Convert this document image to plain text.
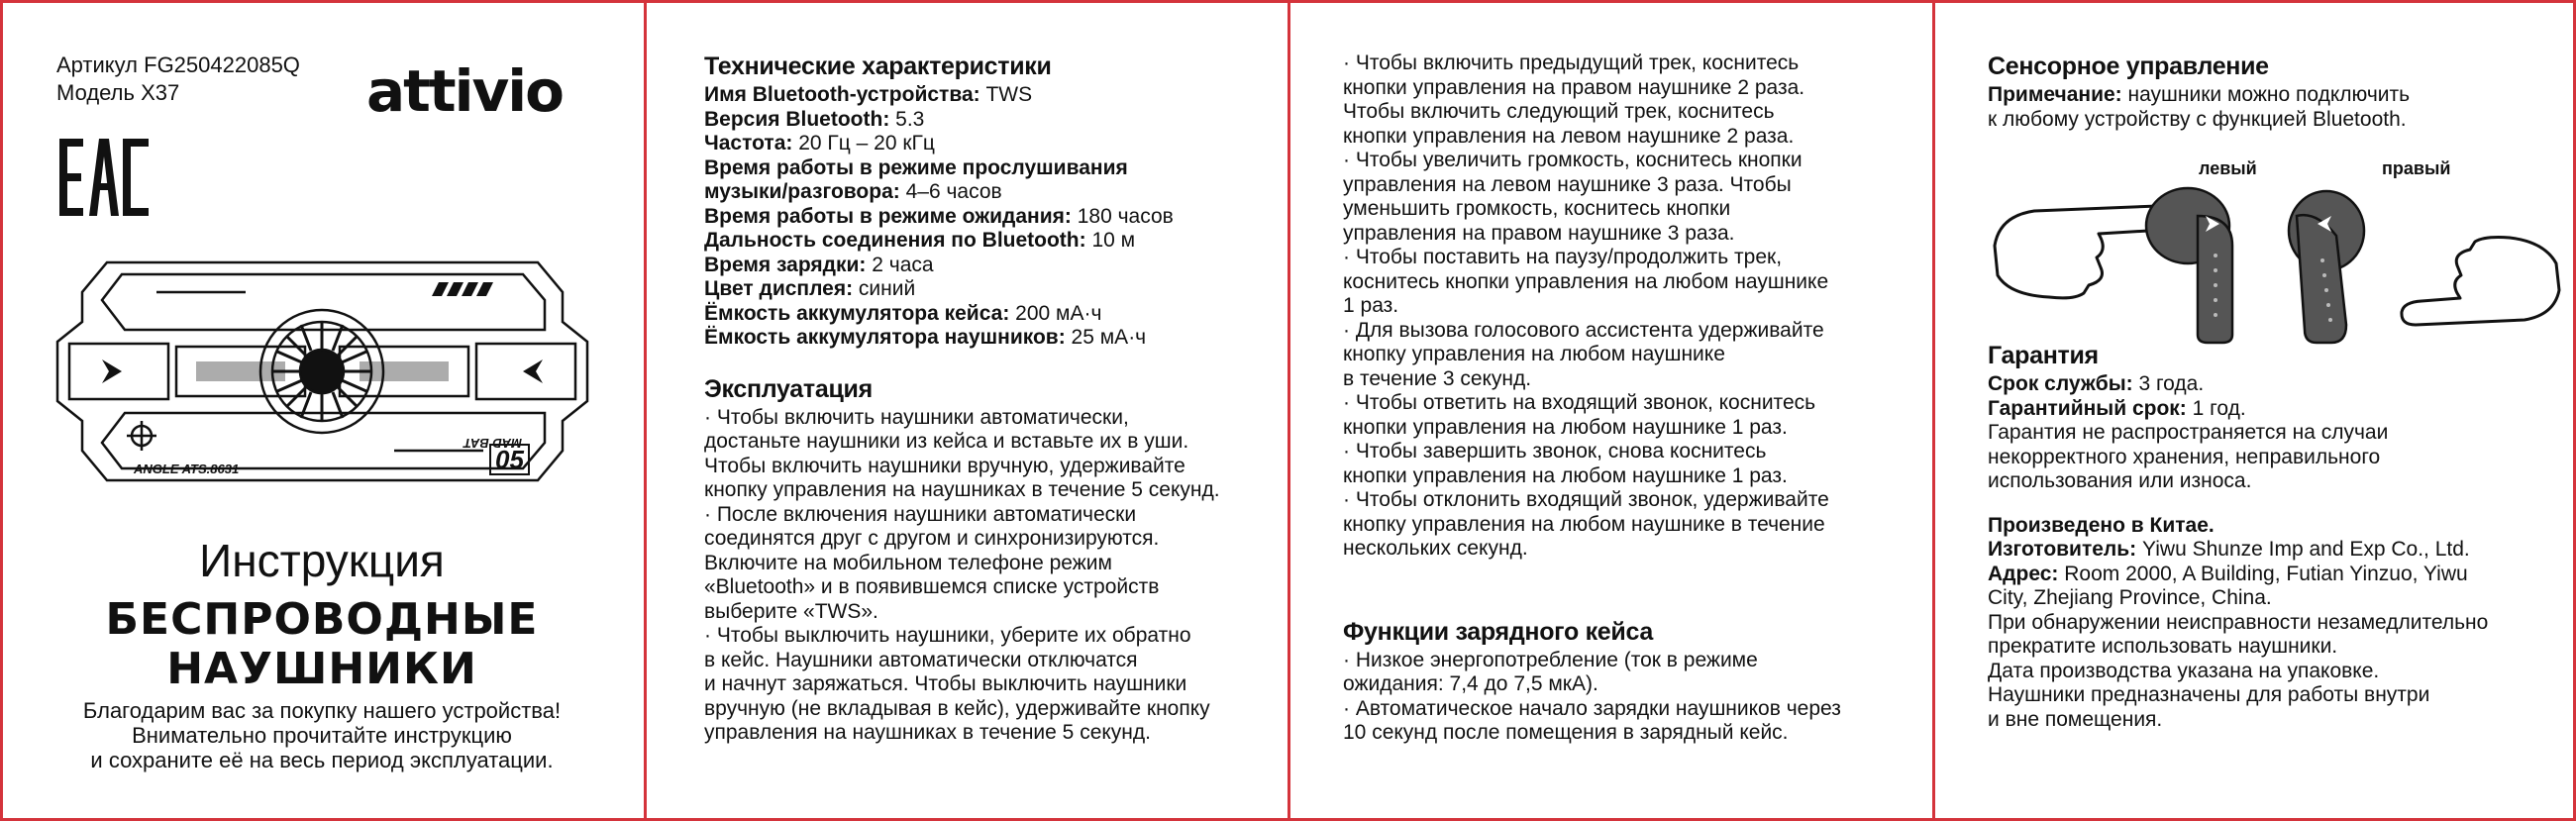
Артикул FG250422085Q
Модель X37	attivio
ANGLE ATS.8631
MAD BAT
05
Инструкция
БЕСПРОВОДНЫЕ
НАУШНИКИ
Благодарим вас за покупку нашего устройства!
Внимательно прочитайте инструкцию
и сохраните её на весь период эксплуатации.
Технические характеристики
Имя Bluetooth-устройства: TWS
Версия Bluetooth: 5.3
Частота: 20 Гц – 20 кГц
Время работы в режиме прослушивания
музыки/разговора: 4–6 часов
Время работы в режиме ожидания: 180 часов
Дальность соединения по Bluetooth: 10 м
Время зарядки: 2 часа
Цвет дисплея: синий
Ёмкость аккумулятора кейса: 200 мА·ч
Ёмкость аккумулятора наушников: 25 мА·ч
Эксплуатация
· Чтобы включить наушники автоматически,
достаньте наушники из кейса и вставьте их в уши.
Чтобы включить наушники вручную, удерживайте
кнопку управления на наушниках в течение 5 секунд.
· После включения наушники автоматически
соединятся друг с другом и синхронизируются.
Включите на мобильном телефоне режим
«Bluetooth» и в появившемся списке устройств
выберите «TWS».
· Чтобы выключить наушники, уберите их обратно
в кейс. Наушники автоматически отключатся
и начнут заряжаться. Чтобы выключить наушники
вручную (не вкладывая в кейс), удерживайте кнопку
управления на наушниках в течение 5 секунд.
· Чтобы включить предыдущий трек, коснитесь
кнопки управления на правом наушнике 2 раза.
Чтобы включить следующий трек, коснитесь
кнопки управления на левом наушнике 2 раза.
· Чтобы увеличить громкость, коснитесь кнопки
управления на левом наушнике 3 раза. Чтобы
уменьшить громкость, коснитесь кнопки
управления на правом наушнике 3 раза.
· Чтобы поставить на паузу/продолжить трек,
коснитесь кнопки управления на любом наушнике
1 раз.
· Для вызова голосового ассистента удерживайте
кнопку управления на любом наушнике
в течение 3 секунд.
· Чтобы ответить на входящий звонок, коснитесь
кнопки управления на любом наушнике 1 раз.
· Чтобы завершить звонок, снова коснитесь
кнопки управления на любом наушнике 1 раз.
· Чтобы отклонить входящий звонок, удерживайте
кнопку управления на любом наушнике в течение
нескольких секунд.
Функции зарядного кейса
· Низкое энергопотребление (ток в режиме
ожидания: 7,4 до 7,5 мкА).
· Автоматическое начало зарядки наушников через
10 секунд после помещения в зарядный кейс.
Сенсорное управление
Примечание: наушники можно подключить
к любому устройству с функцией Bluetooth.
левый	правый
Гарантия
Срок службы: 3 года.
Гарантийный срок: 1 год.
Гарантия не распространяется на случаи
некорректного хранения, неправильного
использования или износа.
Произведено в Китае.
Изготовитель: Yiwu Shunze Imp and Exp Co., Ltd.
Адрес: Room 2000, A Building, Futian Yinzuo, Yiwu
City, Zhejiang Province, China.
При обнаружении неисправности незамедлительно
прекратите использовать наушники.
Дата производства указана на упаковке.
Наушники предназначены для работы внутри
и вне помещения.
